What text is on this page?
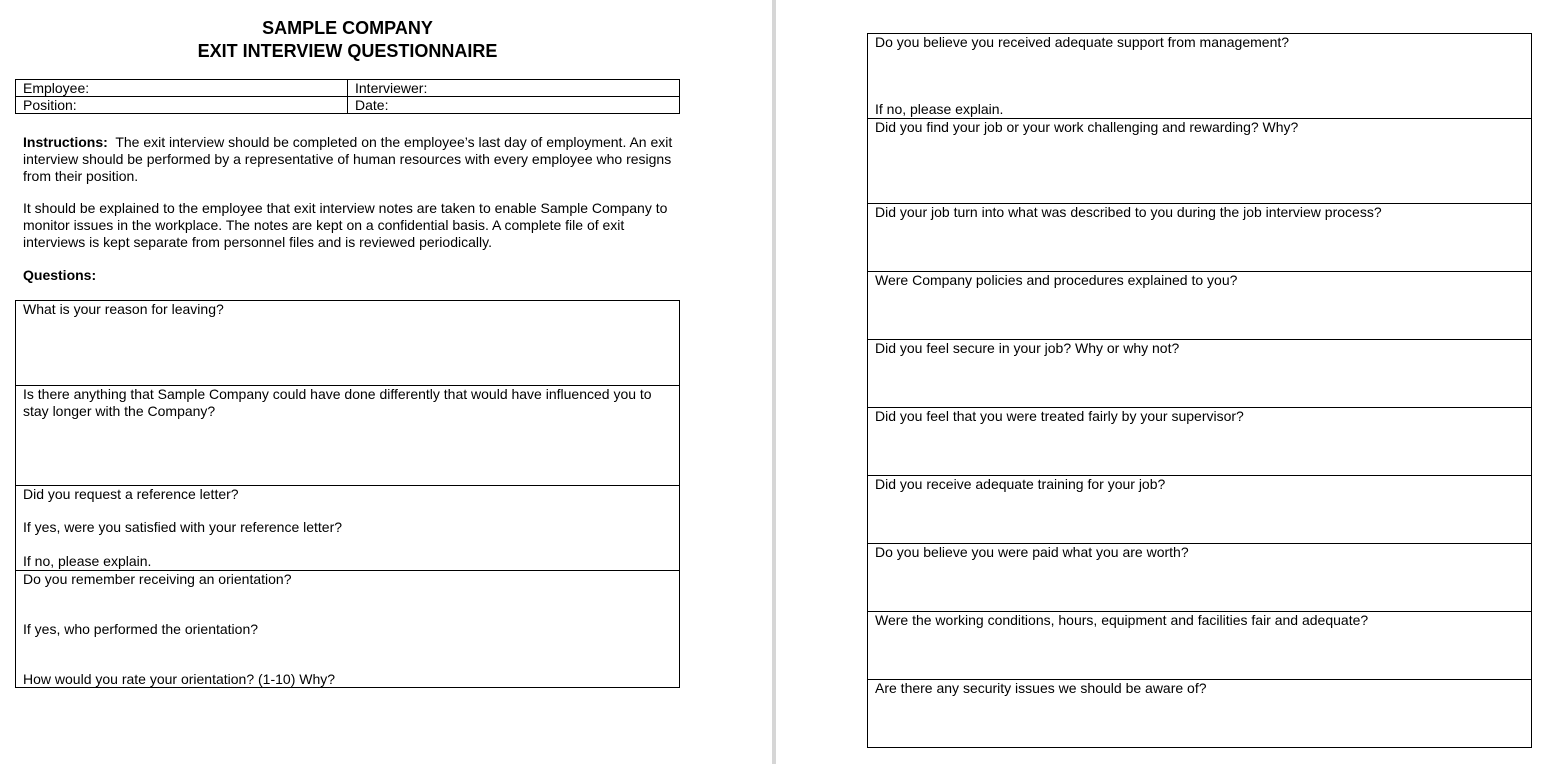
SAMPLE COMPANY
EXIT INTERVIEW QUESTIONNAIRE
Employee:	Interviewer:
Position:	Date:

Instructions: The exit interview should be completed on the employee’s last day of employment. An exit interview should be performed by a representative of human resources with every employee who resigns from their position.

It should be explained to the employee that exit interview notes are taken to enable Sample Company to monitor issues in the workplace. The notes are kept on a confidential basis. A complete file of exit interviews is kept separate from personnel files and is reviewed periodically.

Questions:

What is your reason for leaving?

Is there anything that Sample Company could have done differently that would have influenced you to stay longer with the Company?

Did you request a reference letter?
If yes, were you satisfied with your reference letter?
If no, please explain.

Do you remember receiving an orientation?
If yes, who performed the orientation?
How would you rate your orientation? (1-10) Why?
Do you believe you received adequate support from management?
If no, please explain.

Did you find your job or your work challenging and rewarding? Why?

Did your job turn into what was described to you during the job interview process?

Were Company policies and procedures explained to you?

Did you feel secure in your job? Why or why not?

Did you feel that you were treated fairly by your supervisor?

Did you receive adequate training for your job?

Do you believe you were paid what you are worth?

Were the working conditions, hours, equipment and facilities fair and adequate?

Are there any security issues we should be aware of?
